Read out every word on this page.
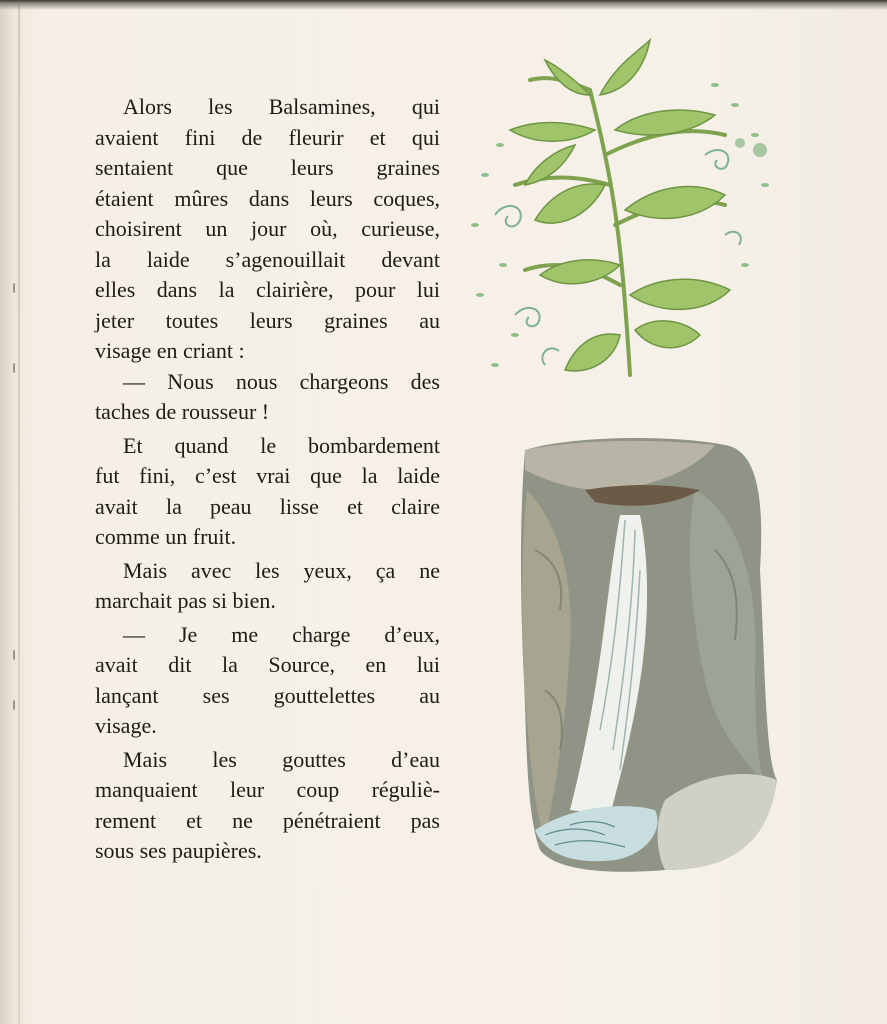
Alors les Balsamines, qui
avaient fini de fleurir et qui
sentaient que leurs graines
étaient mûres dans leurs coques,
choisirent un jour où, curieuse,
la laide s’agenouillait devant
elles dans la clairière, pour lui
jeter toutes leurs graines au
visage en criant :
— Nous nous chargeons des
taches de rousseur !
Et quand le bombardement
fut fini, c’est vrai que la laide
avait la peau lisse et claire
comme un fruit.
Mais avec les yeux, ça ne
marchait pas si bien.
— Je me charge d’eux,
avait dit la Source, en lui
lançant ses gouttelettes au
visage.
Mais les gouttes d’eau
manquaient leur coup réguliè-
rement et ne pénétraient pas
sous ses paupières.
